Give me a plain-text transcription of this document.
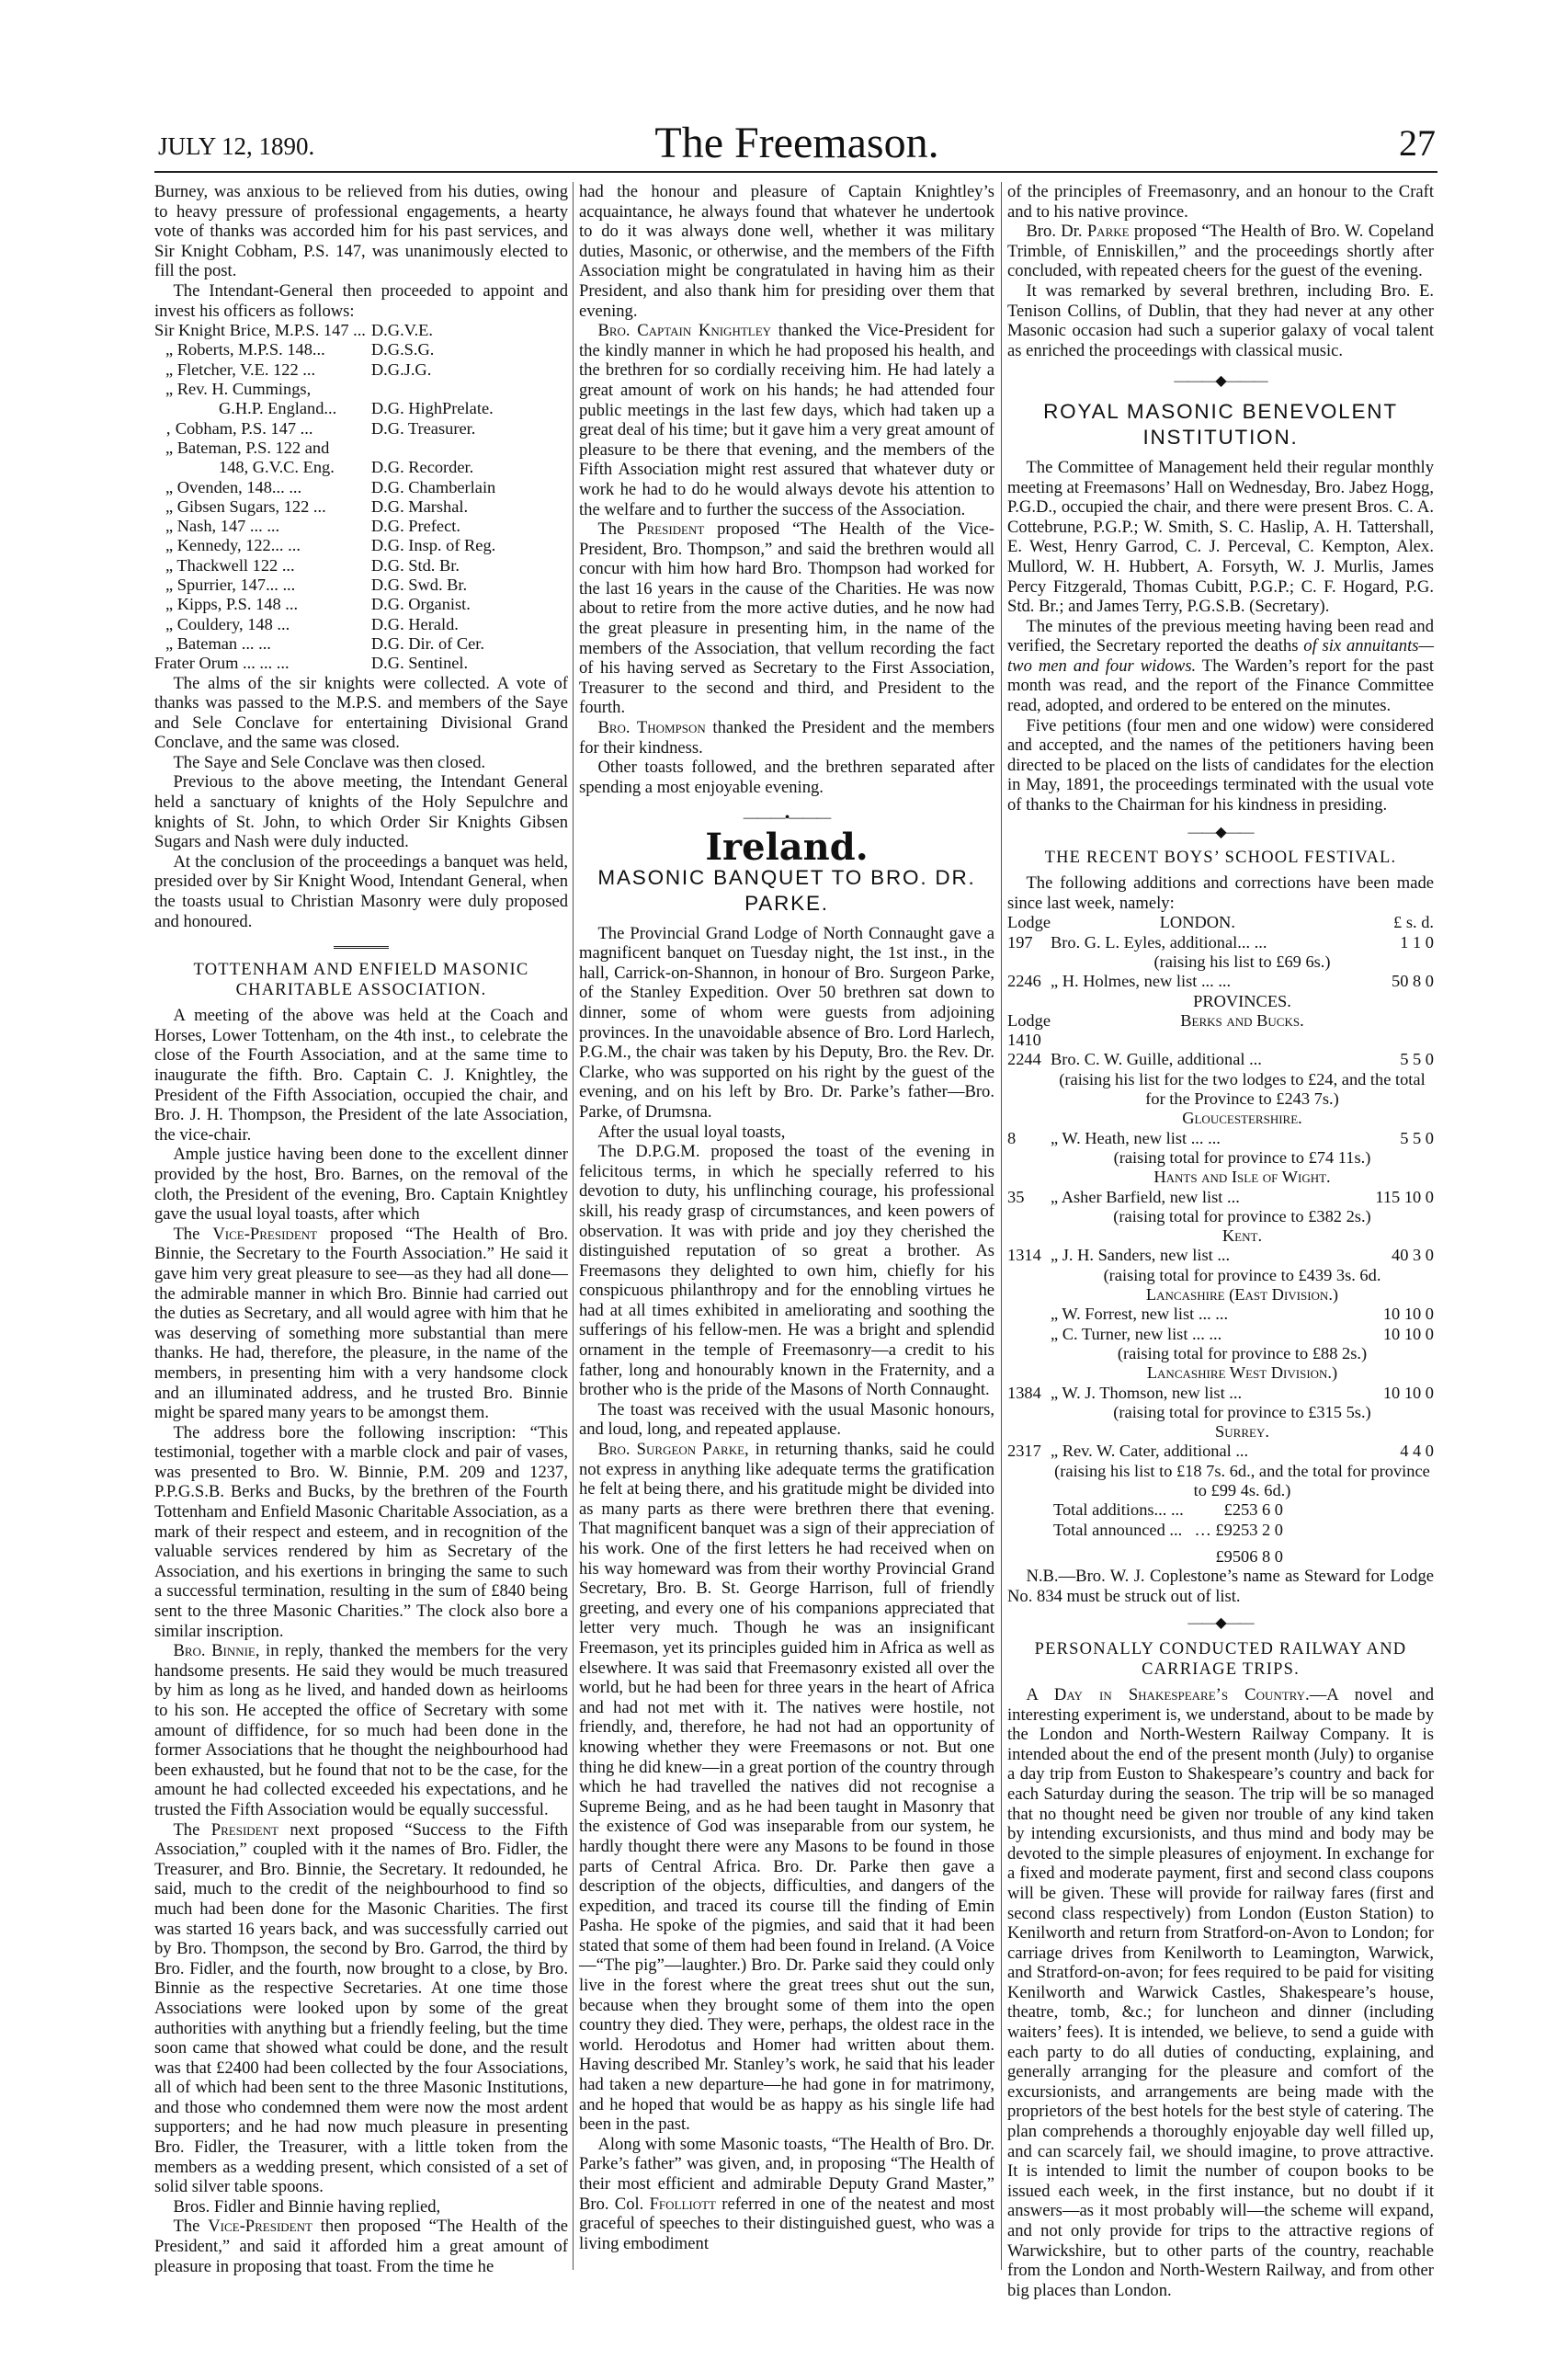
JULY 12, 1890.	The Freemason.	27

Burney, was anxious to be relieved from his duties, owing to heavy pressure of professional engagements, a hearty vote of thanks was accorded him for his past services, and Sir Knight Cobham, P.S. 147, was unanimously elected to fill the post.

The Intendant-General then proceeded to appoint and invest his officers as follows:

Sir Knight Brice, M.P.S. 147 ...	D.G.V.E.
„ Roberts, M.P.S. 148...	D.G.S.G.
„ Fletcher, V.E. 122 ...	D.G.J.G.
„ Rev. H. Cummings,	
G.H.P. England...	D.G. HighPrelate.
‚ Cobham, P.S. 147 ...	D.G. Treasurer.
„ Bateman, P.S. 122 and	
148, G.V.C. Eng.	D.G. Recorder.
„ Ovenden, 148... ...	D.G. Chamberlain
„ Gibsen Sugars, 122 ...	D.G. Marshal.
„ Nash, 147 ... ...	D.G. Prefect.
„ Kennedy, 122... ...	D.G. Insp. of Reg.
„ Thackwell 122 ...	D.G. Std. Br.
„ Spurrier, 147... ...	D.G. Swd. Br.
„ Kipps, P.S. 148 ...	D.G. Organist.
„ Couldery, 148 ...	D.G. Herald.
„ Bateman ... ...	D.G. Dir. of Cer.
Frater Orum ... ... ...	D.G. Sentinel.

The alms of the sir knights were collected. A vote of thanks was passed to the M.P.S. and members of the Saye and Sele Conclave for entertaining Divisional Grand Conclave, and the same was closed.

The Saye and Sele Conclave was then closed.

Previous to the above meeting, the Intendant General held a sanctuary of knights of the Holy Sepulchre and knights of St. John, to which Order Sir Knights Gibsen Sugars and Nash were duly inducted.

At the conclusion of the proceedings a banquet was held, presided over by Sir Knight Wood, Intendant General, when the toasts usual to Christian Masonry were duly proposed and honoured.

TOTTENHAM AND ENFIELD MASONIC CHARITABLE ASSOCIATION.

A meeting of the above was held at the Coach and Horses, Lower Tottenham, on the 4th inst., to celebrate the close of the Fourth Association, and at the same time to inaugurate the fifth. Bro. Captain C. J. Knightley, the President of the Fifth Association, occupied the chair, and Bro. J. H. Thompson, the President of the late Association, the vice-chair.

Ample justice having been done to the excellent dinner provided by the host, Bro. Barnes, on the removal of the cloth, the President of the evening, Bro. Captain Knightley gave the usual loyal toasts, after which

The Vice-President proposed “The Health of Bro. Binnie, the Secretary to the Fourth Association.” He said it gave him very great pleasure to see—as they had all done—the admirable manner in which Bro. Binnie had carried out the duties as Secretary, and all would agree with him that he was deserving of something more substantial than mere thanks. He had, therefore, the pleasure, in the name of the members, in presenting him with a very handsome clock and an illuminated address, and he trusted Bro. Binnie might be spared many years to be amongst them.

The address bore the following inscription: “This testimonial, together with a marble clock and pair of vases, was presented to Bro. W. Binnie, P.M. 209 and 1237, P.P.G.S.B. Berks and Bucks, by the brethren of the Fourth Tottenham and Enfield Masonic Charitable Association, as a mark of their respect and esteem, and in recognition of the valuable services rendered by him as Secretary of the Association, and his exertions in bringing the same to such a successful termination, resulting in the sum of £840 being sent to the three Masonic Charities.” The clock also bore a similar inscription.

Bro. Binnie, in reply, thanked the members for the very handsome presents. He said they would be much treasured by him as long as he lived, and handed down as heirlooms to his son. He accepted the office of Secretary with some amount of diffidence, for so much had been done in the former Associations that he thought the neighbourhood had been exhausted, but he found that not to be the case, for the amount he had collected exceeded his expectations, and he trusted the Fifth Association would be equally successful.

The President next proposed “Success to the Fifth Association,” coupled with it the names of Bro. Fidler, the Treasurer, and Bro. Binnie, the Secretary. It redounded, he said, much to the credit of the neighbourhood to find so much had been done for the Masonic Charities. The first was started 16 years back, and was successfully carried out by Bro. Thompson, the second by Bro. Garrod, the third by Bro. Fidler, and the fourth, now brought to a close, by Bro. Binnie as the respective Secretaries. At one time those Associations were looked upon by some of the great authorities with anything but a friendly feeling, but the time soon came that showed what could be done, and the result was that £2400 had been collected by the four Associations, all of which had been sent to the three Masonic Institutions, and those who condemned them were now the most ardent supporters; and he had now much pleasure in presenting Bro. Fidler, the Treasurer, with a little token from the members as a wedding present, which consisted of a set of solid silver table spoons.

Bros. Fidler and Binnie having replied,

The Vice-President then proposed “The Health of the President,” and said it afforded him a great amount of pleasure in proposing that toast. From the time he

had the honour and pleasure of Captain Knightley’s acquaintance, he always found that whatever he undertook to do it was always done well, whether it was military duties, Masonic, or otherwise, and the members of the Fifth Association might be congratulated in having him as their President, and also thank him for presiding over them that evening.

Bro. Captain Knightley thanked the Vice-President for the kindly manner in which he had proposed his health, and the brethren for so cordially receiving him. He had lately a great amount of work on his hands; he had attended four public meetings in the last few days, which had taken up a great deal of his time; but it gave him a very great amount of pleasure to be there that evening, and the members of the Fifth Association might rest assured that whatever duty or work he had to do he would always devote his attention to the welfare and to further the success of the Association.

The President proposed “The Health of the Vice-President, Bro. Thompson,” and said the brethren would all concur with him how hard Bro. Thompson had worked for the last 16 years in the cause of the Charities. He was now about to retire from the more active duties, and he now had the great pleasure in presenting him, in the name of the members of the Association, that vellum recording the fact of his having served as Secretary to the First Association, Treasurer to the second and third, and President to the fourth.

Bro. Thompson thanked the President and the members for their kindness.

Other toasts followed, and the brethren separated after spending a most enjoyable evening.

———•———
Ireland.
MASONIC BANQUET TO BRO. DR. PARKE.

The Provincial Grand Lodge of North Connaught gave a magnificent banquet on Tuesday night, the 1st inst., in the hall, Carrick-on-Shannon, in honour of Bro. Surgeon Parke, of the Stanley Expedition. Over 50 brethren sat down to dinner, some of whom were guests from adjoining provinces. In the unavoidable absence of Bro. Lord Harlech, P.G.M., the chair was taken by his Deputy, Bro. the Rev. Dr. Clarke, who was supported on his right by the guest of the evening, and on his left by Bro. Dr. Parke’s father—Bro. Parke, of Drumsna.

After the usual loyal toasts,

The D.P.G.M. proposed the toast of the evening in felicitous terms, in which he specially referred to his devotion to duty, his unflinching courage, his professional skill, his ready grasp of circumstances, and keen powers of observation. It was with pride and joy they cherished the distinguished reputation of so great a brother. As Freemasons they delighted to own him, chiefly for his conspicuous philanthropy and for the ennobling virtues he had at all times exhibited in ameliorating and soothing the sufferings of his fellow-men. He was a bright and splendid ornament in the temple of Freemasonry—a credit to his father, long and honourably known in the Fraternity, and a brother who is the pride of the Masons of North Connaught.

The toast was received with the usual Masonic honours, and loud, long, and repeated applause.

Bro. Surgeon Parke, in returning thanks, said he could not express in anything like adequate terms the gratification he felt at being there, and his gratitude might be divided into as many parts as there were brethren there that evening. That magnificent banquet was a sign of their appreciation of his work. One of the first letters he had received when on his way homeward was from their worthy Provincial Grand Secretary, Bro. B. St. George Harrison, full of friendly greeting, and every one of his companions appreciated that letter very much. Though he was an insignificant Freemason, yet its principles guided him in Africa as well as elsewhere. It was said that Freemasonry existed all over the world, but he had been for three years in the heart of Africa and had not met with it. The natives were hostile, not friendly, and, therefore, he had not had an opportunity of knowing whether they were Freemasons or not. But one thing he did knew—in a great portion of the country through which he had travelled the natives did not recognise a Supreme Being, and as he had been taught in Masonry that the existence of God was inseparable from our system, he hardly thought there were any Masons to be found in those parts of Central Africa. Bro. Dr. Parke then gave a description of the objects, difficulties, and dangers of the expedition, and traced its course till the finding of Emin Pasha. He spoke of the pigmies, and said that it had been stated that some of them had been found in Ireland. (A Voice—“The pig”—laughter.) Bro. Dr. Parke said they could only live in the forest where the great trees shut out the sun, because when they brought some of them into the open country they died. They were, perhaps, the oldest race in the world. Herodotus and Homer had written about them. Having described Mr. Stanley’s work, he said that his leader had taken a new departure—he had gone in for matrimony, and he hoped that would be as happy as his single life had been in the past.

Along with some Masonic toasts, “The Health of Bro. Dr. Parke’s father” was given, and, in proposing “The Health of their most efficient and admirable Deputy Grand Master,” Bro. Col. Ffolliott referred in one of the neatest and most graceful of speeches to their distinguished guest, who was a living embodiment

of the principles of Freemasonry, and an honour to the Craft and to his native province.

Bro. Dr. Parke proposed “The Health of Bro. W. Copeland Trimble, of Enniskillen,” and the proceedings shortly after concluded, with repeated cheers for the guest of the evening.

It was remarked by several brethren, including Bro. E. Tenison Collins, of Dublin, that they had never at any other Masonic occasion had such a superior galaxy of vocal talent as enriched the proceedings with classical music.

———◆———
ROYAL MASONIC BENEVOLENT INSTITUTION.

The Committee of Management held their regular monthly meeting at Freemasons’ Hall on Wednesday, Bro. Jabez Hogg, P.G.D., occupied the chair, and there were present Bros. C. A. Cottebrune, P.G.P.; W. Smith, S. C. Haslip, A. H. Tattershall, E. West, Henry Garrod, C. J. Perceval, C. Kempton, Alex. Mullord, W. H. Hubbert, A. Forsyth, W. J. Murlis, James Percy Fitzgerald, Thomas Cubitt, P.G.P.; C. F. Hogard, P.G. Std. Br.; and James Terry, P.G.S.B. (Secretary).

The minutes of the previous meeting having been read and verified, the Secretary reported the deaths of six annuitants—two men and four widows. The Warden’s report for the past month was read, and the report of the Finance Committee read, adopted, and ordered to be entered on the minutes.

Five petitions (four men and one widow) were considered and accepted, and the names of the petitioners having been directed to be placed on the lists of candidates for the election in May, 1891, the proceedings terminated with the usual vote of thanks to the Chairman for his kindness in presiding.

——◆——
THE RECENT BOYS’ SCHOOL FESTIVAL.

The following additions and corrections have been made since last week, namely:

Lodge	LONDON.	£ s. d.
197	Bro. G. L. Eyles, additional... ...	1 1 0
	(raising his list to £69 6s.)	
2246	„ H. Holmes, new list ... ...	50 8 0
	PROVINCES.	
Lodge	Berks and Bucks.	
1410		
2244	Bro. C. W. Guille, additional ...	5 5 0
	(raising his list for the two lodges to £24, and the total for the Province to £243 7s.)	
	Gloucestershire.	
8	„ W. Heath, new list ... ...	5 5 0
	(raising total for province to £74 11s.)	
	Hants and Isle of Wight.	
35	„ Asher Barfield, new list ...	115 10 0
	(raising total for province to £382 2s.)	
	Kent.	
1314	„ J. H. Sanders, new list ...	40 3 0
	(raising total for province to £439 3s. 6d.	
	Lancashire (East Division.)	
	„ W. Forrest, new list ... ...	10 10 0
	„ C. Turner, new list ... ...	10 10 0
	(raising total for province to £88 2s.)	
	Lancashire West Division.)	
1384	„ W. J. Thomson, new list ...	10 10 0
	(raising total for province to £315 5s.)	
	Surrey.	
2317	„ Rev. W. Cater, additional ...	4 4 0
	(raising his list to £18 7s. 6d., and the total for province to £99 4s. 6d.)	
Total additions... ...	£253 6 0
Total announced ...	… £9253 2 0
	£9506 8 0

N.B.—Bro. W. J. Coplestone’s name as Steward for Lodge No. 834 must be struck out of list.

——◆——
PERSONALLY CONDUCTED RAILWAY AND CARRIAGE TRIPS.

A Day in Shakespeare’s Country.—A novel and interesting experiment is, we understand, about to be made by the London and North-Western Railway Company. It is intended about the end of the present month (July) to organise a day trip from Euston to Shakespeare’s country and back for each Saturday during the season. The trip will be so managed that no thought need be given nor trouble of any kind taken by intending excursionists, and thus mind and body may be devoted to the simple pleasures of enjoyment. In exchange for a fixed and moderate payment, first and second class coupons will be given. These will provide for railway fares (first and second class respectively) from London (Euston Station) to Kenilworth and return from Stratford-on-Avon to London; for carriage drives from Kenilworth to Leamington, Warwick, and Stratford-on-avon; for fees required to be paid for visiting Kenilworth and Warwick Castles, Shakespeare’s house, theatre, tomb, &c.; for luncheon and dinner (including waiters’ fees). It is intended, we believe, to send a guide with each party to do all duties of conducting, explaining, and generally arranging for the pleasure and comfort of the excursionists, and arrangements are being made with the proprietors of the best hotels for the best style of catering. The plan comprehends a thoroughly enjoyable day well filled up, and can scarcely fail, we should imagine, to prove attractive. It is intended to limit the number of coupon books to be issued each week, in the first instance, but no doubt if it answers—as it most probably will—the scheme will expand, and not only provide for trips to the attractive regions of Warwickshire, but to other parts of the country, reachable from the London and North-Western Railway, and from other big places than London.
